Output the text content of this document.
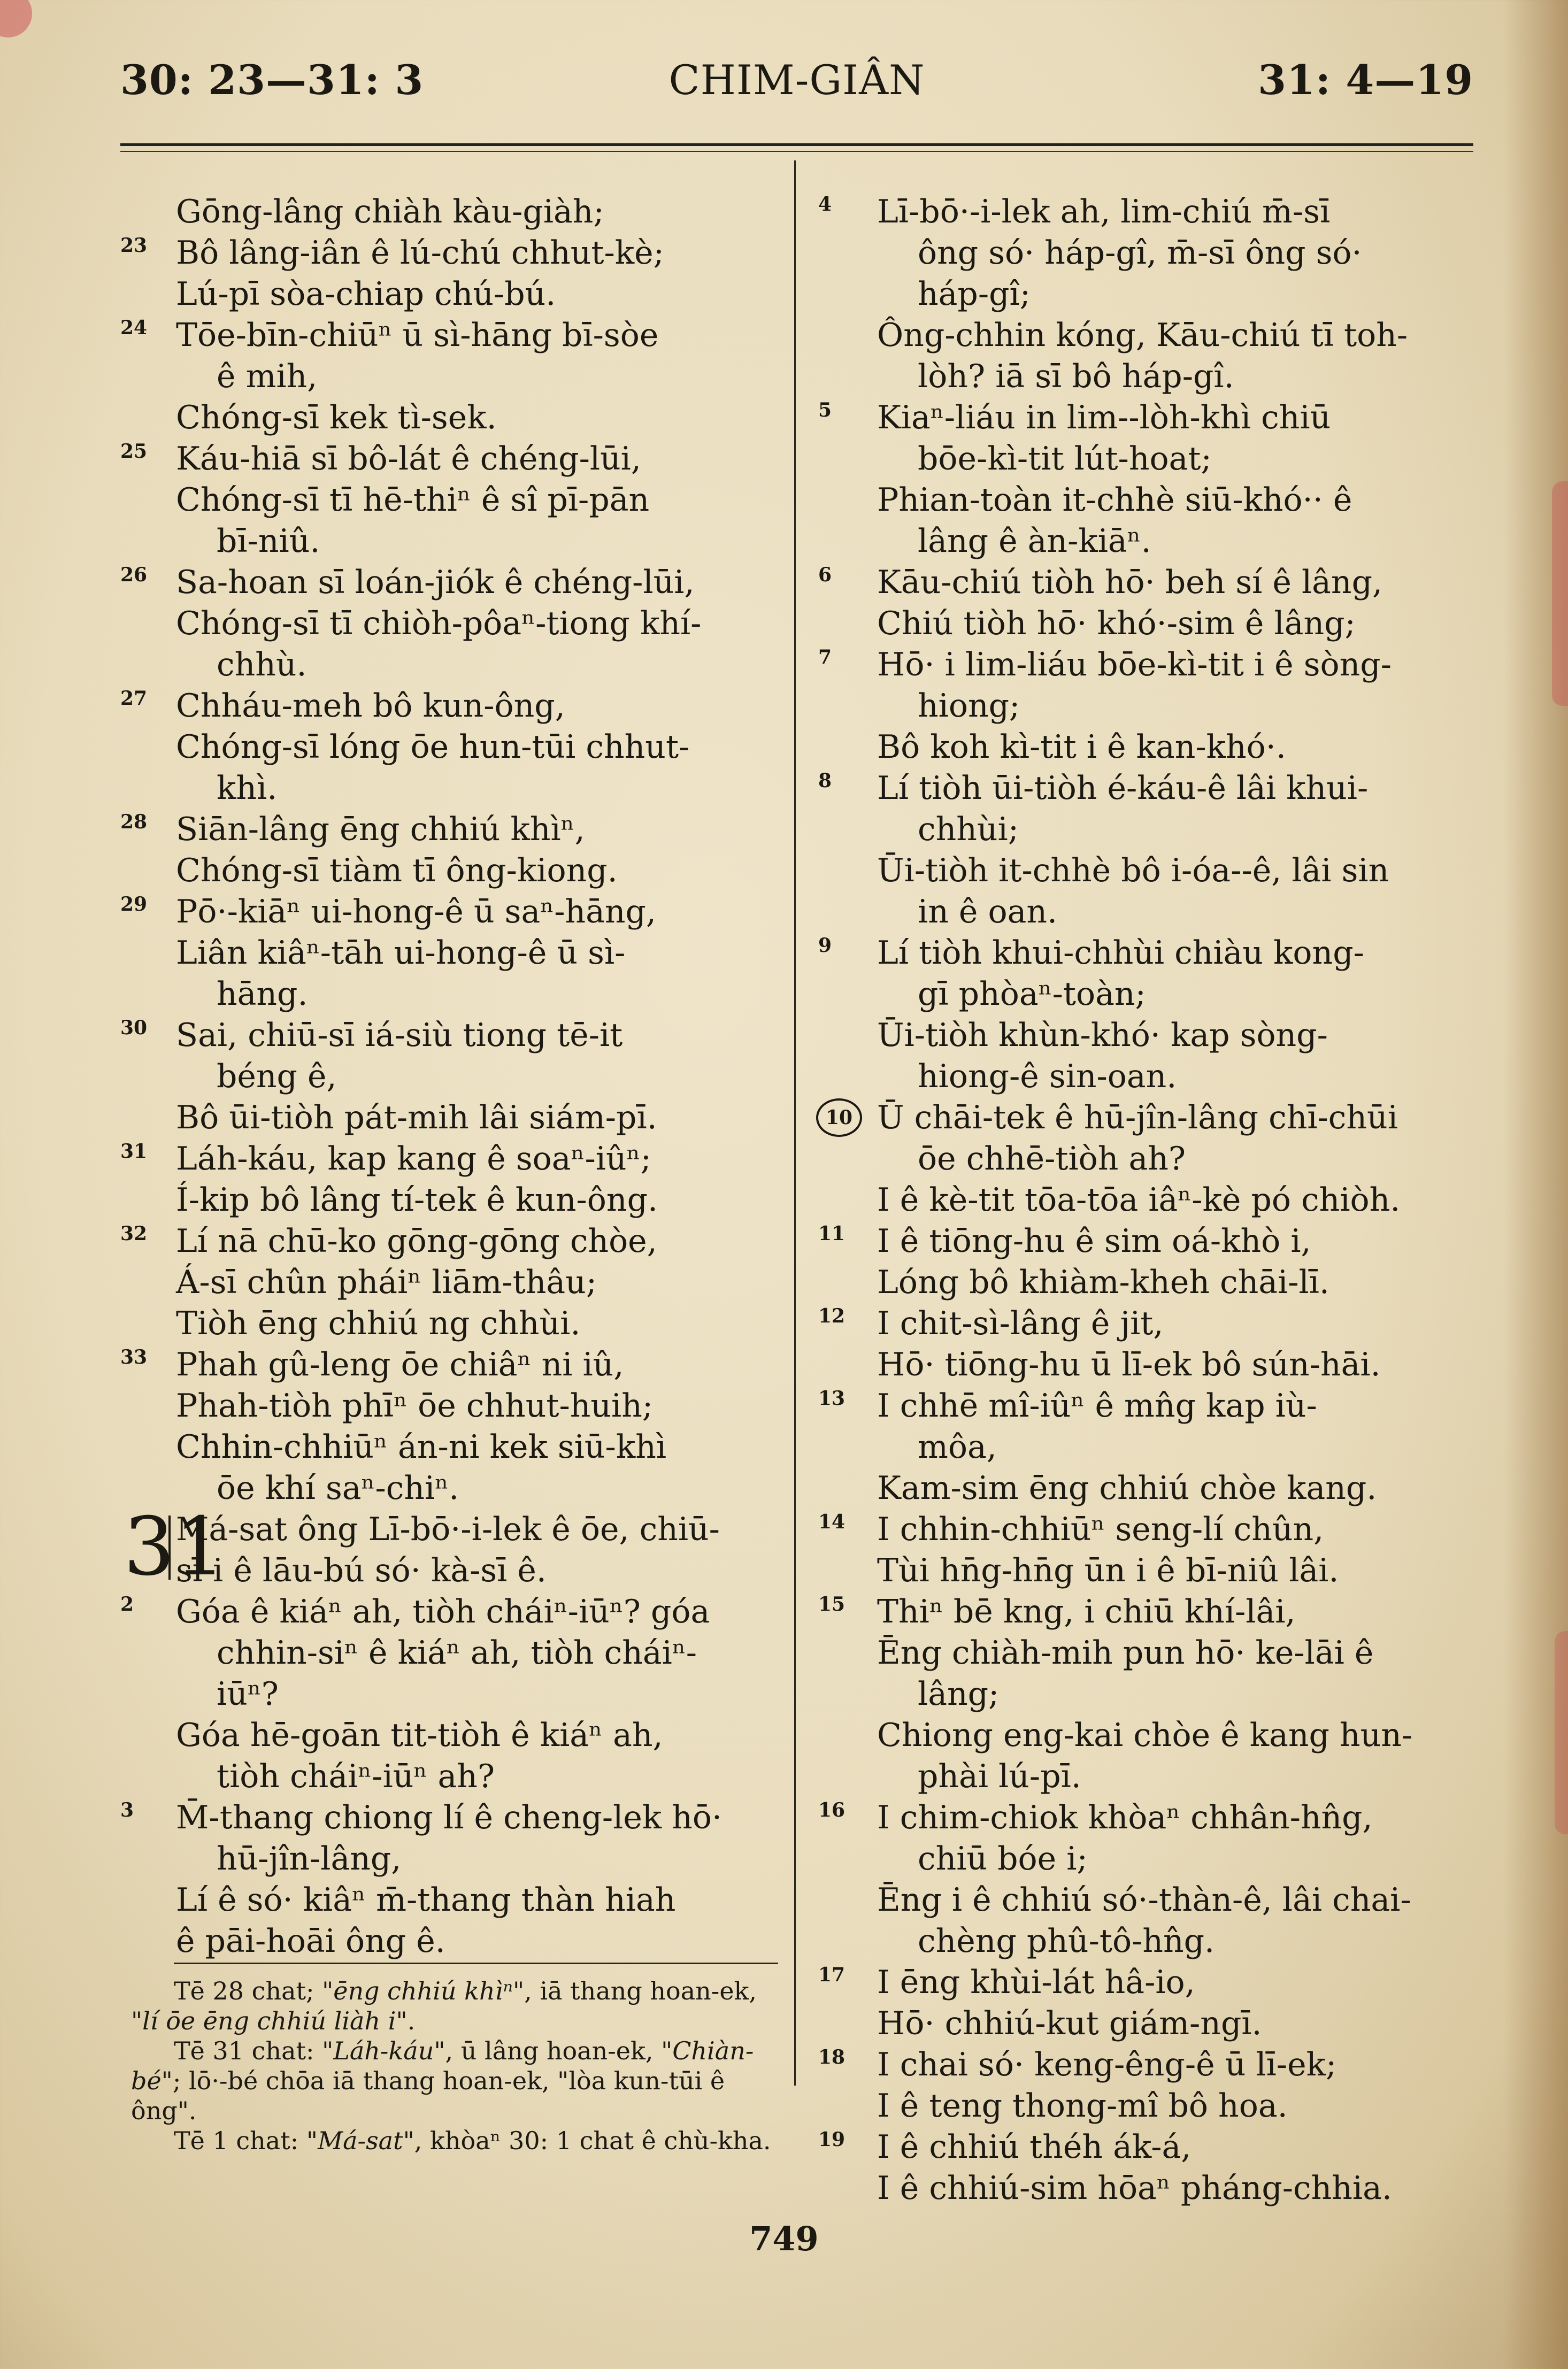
30: 23—31: 3	CHIM-GIÂN	31: 4—19
Gōng-lâng chiàh kàu-giàh;
23 Bô lâng-iân ê lú-chú chhut-kè;
Lú-pī sòa-chiap chú-bú.
24 Tōe-bīn-chiūⁿ ū sì-hāng bī-sòe
ê mih,
Chóng-sī kek tì-sek.
25 Káu-hiā sī bô-lát ê chéng-lūi,
Chóng-sī tī hē-thiⁿ ê sî pī-pān
bī-niû.
26 Sa-hoan sī loán-jiók ê chéng-lūi,
Chóng-sī tī chiòh-pôaⁿ-tiong khí-
chhù.
27 Chháu-meh bô kun-ông,
Chóng-sī lóng ōe hun-tūi chhut-
khì.
28 Siān-lâng ēng chhiú khìⁿ,
Chóng-sī tiàm tī ông-kiong.
29 Pō·-kiāⁿ ui-hong-ê ū saⁿ-hāng,
Liân kiâⁿ-tāh ui-hong-ê ū sì-
hāng.
30 Sai, chiū-sī iá-siù tiong tē-it
béng ê,
Bô ūi-tiòh pát-mih lâi siám-pī.
31 Láh-káu, kap kang ê soaⁿ-iûⁿ;
Í-kip bô lâng tí-tek ê kun-ông.
32 Lí nā chū-ko gōng-gōng chòe,
Á-sī chûn pháiⁿ liām-thâu;
Tiòh ēng chhiú ng chhùi.
33 Phah gû-leng ōe chiâⁿ ni iû,
Phah-tiòh phīⁿ ōe chhut-huih;
Chhin-chhiūⁿ án-ni kek siū-khì
ōe khí saⁿ-chiⁿ.
31
Má-sat ông Lī-bō·-i-lek ê ōe, chiū-
sī i ê lāu-bú só· kà-sī ê.
2	Góa ê kiáⁿ ah, tiòh cháiⁿ-iūⁿ? góa
chhin-siⁿ ê kiáⁿ ah, tiòh cháiⁿ-
iūⁿ?
Góa hē-goān tit-tiòh ê kiáⁿ ah,
tiòh cháiⁿ-iūⁿ ah?
3	M̄-thang chiong lí ê cheng-lek hō·
hū-jîn-lâng,
Lí ê só· kiâⁿ m̄-thang thàn hiah
ê pāi-hoāi ông ê.
4	Lī-bō·-i-lek ah, lim-chiú m̄-sī
ông só· háp-gî, m̄-sī ông só·
háp-gî;
Ông-chhin kóng, Kāu-chiú tī toh-
lòh? iā sī bô háp-gî.
5	Kiaⁿ-liáu in lim--lòh-khì chiū
bōe-kì-tit lút-hoat;
Phian-toàn it-chhè siū-khó·· ê
lâng ê àn-kiāⁿ.
6	Kāu-chiú tiòh hō· beh sí ê lâng,
Chiú tiòh hō· khó·-sim ê lâng;
7	Hō· i lim-liáu bōe-kì-tit i ê sòng-
hiong;
Bô koh kì-tit i ê kan-khó·.
8	Lí tiòh ūi-tiòh é-káu-ê lâi khui-
chhùi;
Ūi-tiòh it-chhè bô i-óa--ê, lâi sin
in ê oan.
9	Lí tiòh khui-chhùi chiàu kong-
gī phòaⁿ-toàn;
Ūi-tiòh khùn-khó· kap sòng-
hiong-ê sin-oan.
10 Ū chāi-tek ê hū-jîn-lâng chī-chūi
ōe chhē-tiòh ah?
I ê kè-tit tōa-tōa iâⁿ-kè pó chiòh.
11 I ê tiōng-hu ê sim oá-khò i,
Lóng bô khiàm-kheh chāi-lī.
12 I chit-sì-lâng ê jit,
Hō· tiōng-hu ū lī-ek bô sún-hāi.
13 I chhē mî-iûⁿ ê mn̂g kap iù-
môa,
Kam-sim ēng chhiú chòe kang.
14 I chhin-chhiūⁿ seng-lí chûn,
Tùi hn̄g-hn̄g ūn i ê bī-niû lâi.
15 Thiⁿ bē kng, i chiū khí-lâi,
Ēng chiàh-mih pun hō· ke-lāi ê
lâng;
Chiong eng-kai chòe ê kang hun-
phài lú-pī.
16 I chim-chiok khòaⁿ chhân-hn̂g,
chiū bóe i;
Ēng i ê chhiú só·-thàn-ê, lâi chai-
chèng phû-tô-hn̂g.
17 I ēng khùi-lát hâ-io,
Hō· chhiú-kut giám-ngī.
18 I chai só· keng-êng-ê ū lī-ek;
I ê teng thong-mî bô hoa.
19 I ê chhiú théh ák-á,
I ê chhiú-sim hōaⁿ pháng-chhia.
Tē 28 chat; "ēng chhiú khìⁿ", iā thang hoan-ek, "lí ōe ēng chhiú liàh i".
Tē 31 chat: "Láh-káu", ū lâng hoan-ek, "Chiàn-bé"; lō·-bé chōa iā thang hoan-ek, "lòa kun-tūi ê ông".
Tē 1 chat: "Má-sat", khòaⁿ 30: 1 chat ê chù-kha.
749
